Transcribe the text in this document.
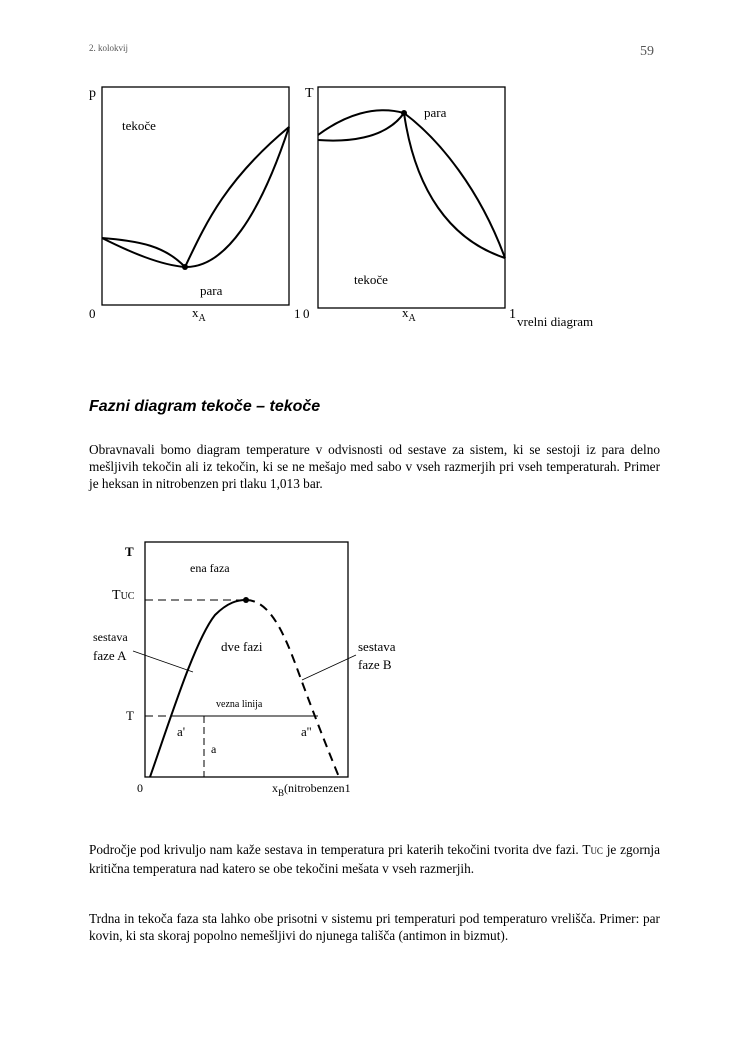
2. kolokvij	59
p
tekoče
para
0	$x_A$	1
T
para
tekoče
0	$x_A$	1 vrelni diagram
Fazni diagram tekoče – tekoče
Obravnavali bomo diagram temperature v odvisnosti od sestave za sistem, ki se sestoji iz para delno mešljivih tekočin ali iz tekočin, ki se ne mešajo med sabo v vseh razmerjih pri vseh temperaturah. Primer je heksan in nitrobenzen pri tlaku 1,013 bar.
T
ena faza
TUC
sestava
faze A
dve fazi	sestava
faze B
vezna linija
T
a'	a''
a
0	$x_B(nitrobenzen1$
Področje pod krivuljo nam kaže sestava in temperatura pri katerih tekočini tvorita dve fazi. TUC je zgornja kritična temperatura nad katero se obe tekočini mešata v vseh razmerjih.
Trdna in tekoča faza sta lahko obe prisotni v sistemu pri temperaturi pod temperaturo vrelišča. Primer: par kovin, ki sta skoraj popolno nemešljivi do njunega tališča (antimon in bizmut).
